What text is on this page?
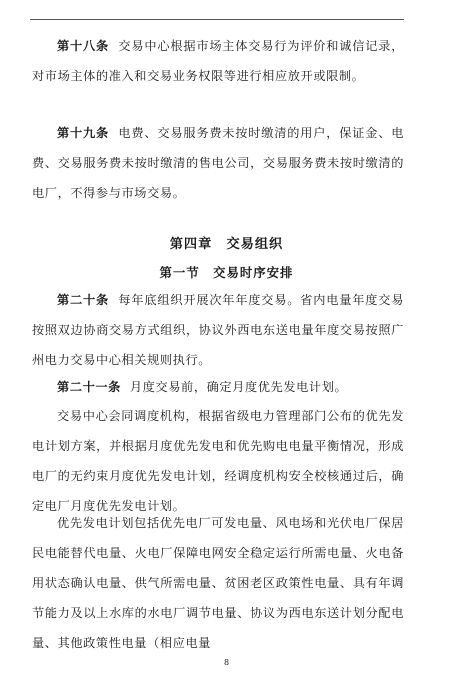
第十八条 交易中心根据市场主体交易行为评价和诚信记录，对市场主体的准入和交易业务权限等进行相应放开或限制。

第十九条 电费、交易服务费未按时缴清的用户，保证金、电费、交易服务费未按时缴清的售电公司，交易服务费未按时缴清的电厂，不得参与市场交易。

第四章　交易组织
第一节　交易时序安排

第二十条 每年底组织开展次年年度交易。省内电量年度交易按照双边协商交易方式组织，协议外西电东送电量年度交易按照广州电力交易中心相关规则执行。

第二十一条 月度交易前，确定月度优先发电计划。

交易中心会同调度机构，根据省级电力管理部门公布的优先发电计划方案，并根据月度优先发电和优先购电电量平衡情况，形成电厂的无约束月度优先发电计划，经调度机构安全校核通过后，确定电厂月度优先发电计划。

优先发电计划包括优先电厂可发电量、风电场和光伏电厂保居民电能替代电量、火电厂保障电网安全稳定运行所需电量、火电备用状态确认电量、供气所需电量、贫困老区政策性电量、具有年调节能力及以上水库的水电厂调节电量、协议为西电东送计划分配电量、其他政策性电量（相应电量

8
